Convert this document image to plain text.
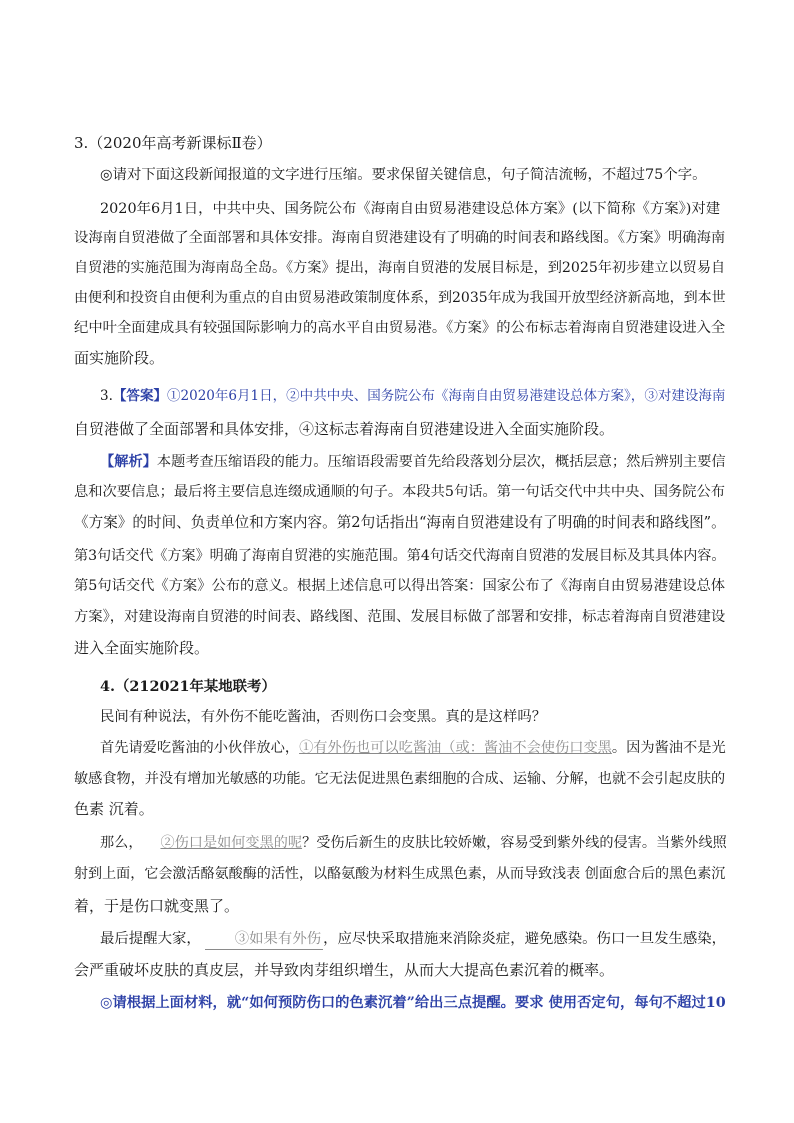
3.（2020年高考新课标Ⅱ卷）
◎请对下面这段新闻报道的文字进行压缩。要求保留关键信息，句子简洁流畅，不超过75个字。
2020年6月1日，中共中央、国务院公布《海南自由贸易港建设总体方案》(以下简称《方案》)对建
设海南自贸港做了全面部署和具体安排。海南自贸港建设有了明确的时间表和路线图。《方案》明确海南
自贸港的实施范围为海南岛全岛。《方案》提出，海南自贸港的发展目标是，到2025年初步建立以贸易自
由便利和投资自由便利为重点的自由贸易港政策制度体系，到2035年成为我国开放型经济新高地，到本世
纪中叶全面建成具有较强国际影响力的高水平自由贸易港。《方案》的公布标志着海南自贸港建设进入全
面实施阶段。
3.【答案】①2020年6月1日，②中共中央、国务院公布《海南自由贸易港建设总体方案》，③对建设海南
自贸港做了全面部署和具体安排，④这标志着海南自贸港建设进入全面实施阶段。
【解析】本题考查压缩语段的能力。压缩语段需要首先给段落划分层次，概括层意；然后辨别主要信
息和次要信息；最后将主要信息连缀成通顺的句子。本段共5句话。第一句话交代中共中央、国务院公布
《方案》的时间、负责单位和方案内容。第2句话指出“海南自贸港建设有了明确的时间表和路线图”。
第3句话交代《方案》明确了海南自贸港的实施范围。第4句话交代海南自贸港的发展目标及其具体内容。
第5句话交代《方案》公布的意义。根据上述信息可以得出答案：国家公布了《海南自由贸易港建设总体
方案》，对建设海南自贸港的时间表、路线图、范围、发展目标做了部署和安排，标志着海南自贸港建设
进入全面实施阶段。
4.（212021年某地联考）
民间有种说法，有外伤不能吃酱油，否则伤口会变黑。真的是这样吗？
首先请爱吃酱油的小伙伴放心，①有外伤也可以吃酱油（或：酱油不会使伤口变黑。因为酱油不是光
敏感食物，并没有增加光敏感的功能。它无法促进黑色素细胞的合成、运输、分解，也就不会引起皮肤的
色素 沉着。
那么， ②伤口是如何变黑的呢？受伤后新生的皮肤比较娇嫩，容易受到紫外线的侵害。当紫外线照
射到上面，它会激活酪氨酸酶的活性，以酪氨酸为材料生成黑色素，从而导致浅表 创面愈合后的黑色素沉
着，于是伤口就变黑了。
最后提醒大家， ③如果有外伤 ，应尽快采取措施来消除炎症，避免感染。伤口一旦发生感染，
会严重破坏皮肤的真皮层，并导致肉芽组织增生，从而大大提高色素沉着的概率。
◎请根据上面材料，就“如何预防伤口的色素沉着”给出三点提醒。要求 使用否定句，每句不超过10
